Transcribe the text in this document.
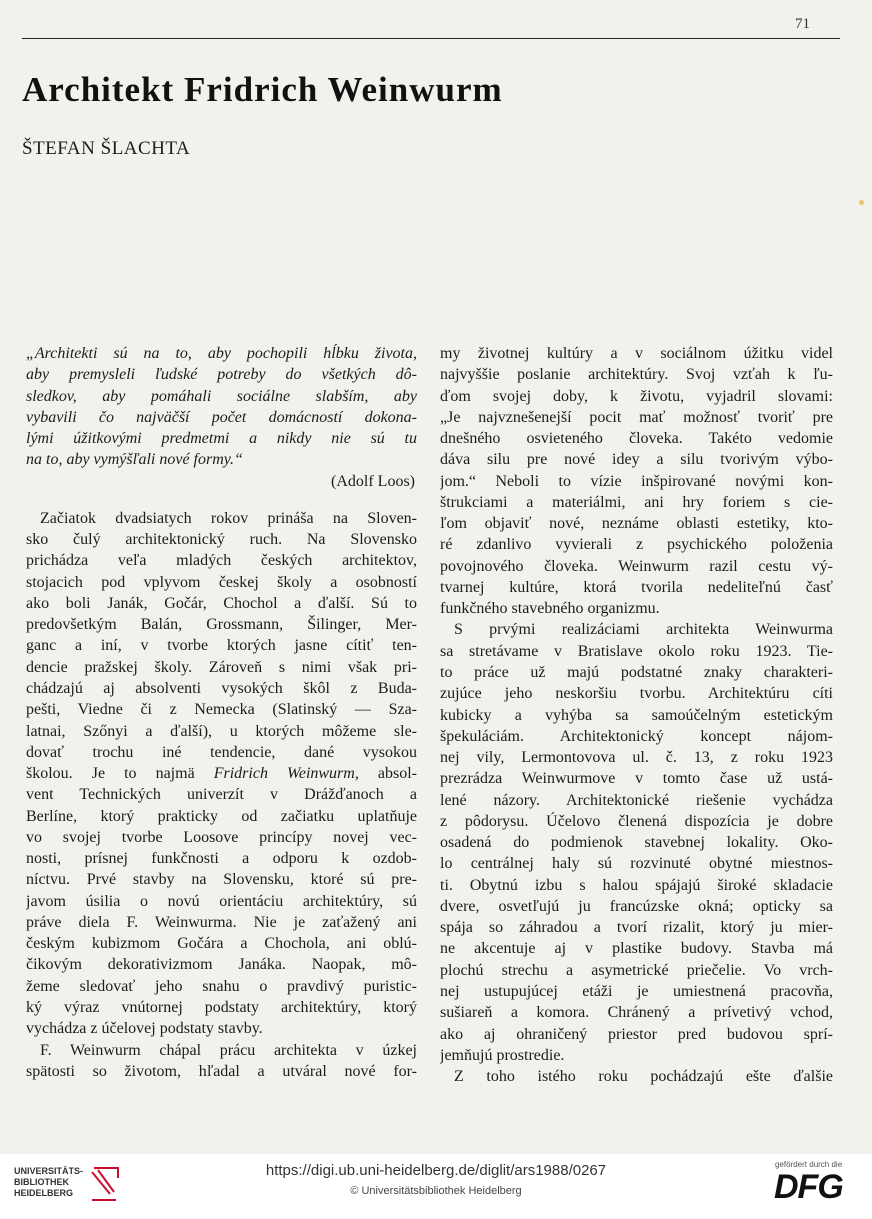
71
Architekt Fridrich Weinwurm
ŠTEFAN ŠLACHTA
„Architekti sú na to, aby pochopili hĺbku života,
aby premysleli ľudské potreby do všetkých dô-
sledkov, aby pomáhali sociálne slabším, aby
vybavili čo najväčší počet domácností dokona-
lými úžitkovými predmetmi a nikdy nie sú tu
na to, aby vymýšľali nové formy.“
(Adolf Loos)
Začiatok dvadsiatych rokov prináša na Sloven-
sko čulý architektonický ruch. Na Slovensko
prichádza veľa mladých českých architektov,
stojacich pod vplyvom českej školy a osobností
ako boli Janák, Gočár, Chochol a ďalší. Sú to
predovšetkým Balán, Grossmann, Šilinger, Mer-
ganc a iní, v tvorbe ktorých jasne cítiť ten-
dencie pražskej školy. Zároveň s nimi však pri-
chádzajú aj absolventi vysokých škôl z Buda-
pešti, Viedne či z Nemecka (Slatinský — Sza-
latnai, Szőnyi a ďalší), u ktorých môžeme sle-
dovať trochu iné tendencie, dané vysokou
školou. Je to najmä Fridrich Weinwurm, absol-
vent Technických univerzít v Drážďanoch a
Berlíne, ktorý prakticky od začiatku uplatňuje
vo svojej tvorbe Loosove princípy novej vec-
nosti, prísnej funkčnosti a odporu k ozdob-
níctvu. Prvé stavby na Slovensku, ktoré sú pre-
javom úsilia o novú orientáciu architektúry, sú
práve diela F. Weinwurma. Nie je zaťažený ani
českým kubizmom Gočára a Chochola, ani oblú-
čikovým dekorativizmom Janáka. Naopak, mô-
žeme sledovať jeho snahu o pravdivý puristic-
ký výraz vnútornej podstaty architektúry, ktorý
vychádza z účelovej podstaty stavby.
F. Weinwurm chápal prácu architekta v úzkej
spätosti so životom, hľadal a utváral nové for-
my životnej kultúry a v sociálnom úžitku videl
najvyššie poslanie architektúry. Svoj vzťah k ľu-
ďom svojej doby, k životu, vyjadril slovami:
„Je najvznešenejší pocit mať možnosť tvoriť pre
dnešného osvieteného človeka. Takéto vedomie
dáva silu pre nové idey a silu tvorivým výbo-
jom.“ Neboli to vízie inšpirované novými kon-
štrukciami a materiálmi, ani hry foriem s cie-
ľom objaviť nové, neznáme oblasti estetiky, kto-
ré zdanlivo vyvierali z psychického položenia
povojnového človeka. Weinwurm razil cestu vý-
tvarnej kultúre, ktorá tvorila nedeliteľnú časť
funkčného stavebného organizmu.
S prvými realizáciami architekta Weinwurma
sa stretávame v Bratislave okolo roku 1923. Tie-
to práce už majú podstatné znaky charakteri-
zujúce jeho neskoršiu tvorbu. Architektúru cíti
kubicky a vyhýba sa samoúčelným estetickým
špekuláciám. Architektonický koncept nájom-
nej vily, Lermontovova ul. č. 13, z roku 1923
prezrádza Weinwurmove v tomto čase už ustá-
lené názory. Architektonické riešenie vychádza
z pôdorysu. Účelovo členená dispozícia je dobre
osadená do podmienok stavebnej lokality. Oko-
lo centrálnej haly sú rozvinuté obytné miestnos-
ti. Obytnú izbu s halou spájajú široké skladacie
dvere, osvetľujú ju francúzske okná; opticky sa
spája so záhradou a tvorí rizalit, ktorý ju mier-
ne akcentuje aj v plastike budovy. Stavba má
plochú strechu a asymetrické priečelie. Vo vrch-
nej ustupujúcej etáži je umiestnená pracovňa,
sušiareň a komora. Chránený a prívetivý vchod,
ako aj ohraničený priestor pred budovou sprí-
jemňujú prostredie.
Z toho istého roku pochádzajú ešte ďalšie
UNIVERSITÄTS-
BIBLIOTHEK
HEIDELBERG
https://digi.ub.uni-heidelberg.de/diglit/ars1988/0267
© Universitätsbibliothek Heidelberg
gefördert durch die
DFG
